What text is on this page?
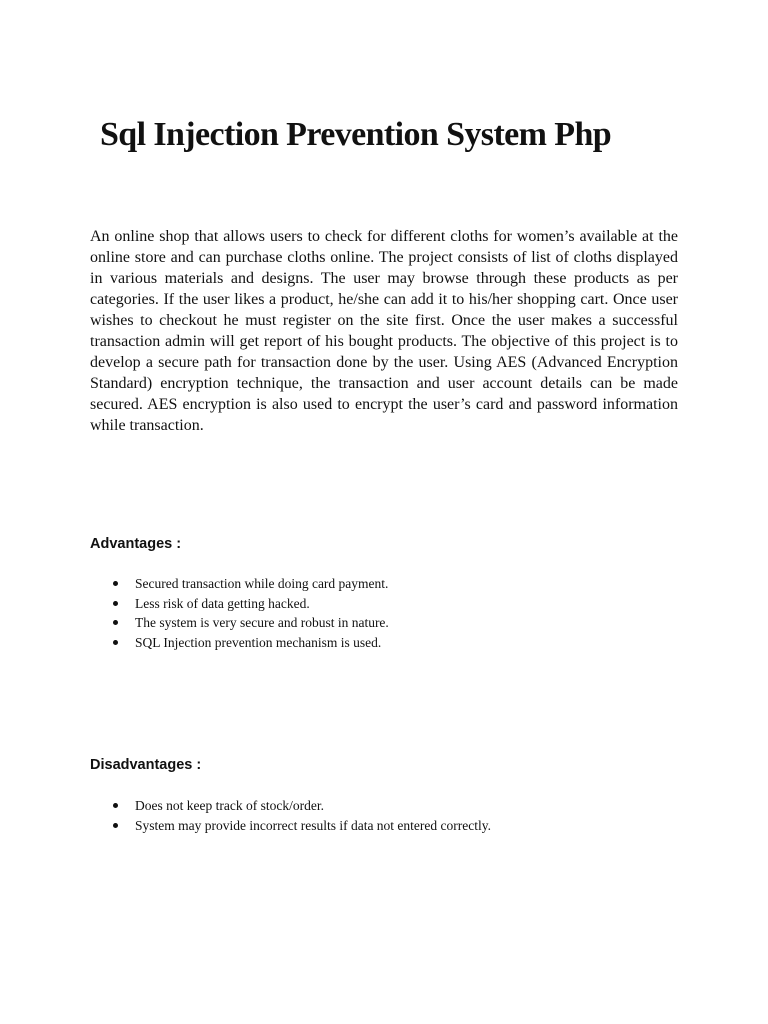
Sql Injection Prevention System Php

An online shop that allows users to check for different cloths for women’s available at the online store and can purchase cloths online. The project consists of list of cloths displayed in various materials and designs. The user may browse through these products as per categories. If the user likes a product, he/she can add it to his/her shopping cart. Once user wishes to checkout he must register on the site first. Once the user makes a successful transaction admin will get report of his bought products. The objective of this project is to develop a secure path for transaction done by the user. Using AES (Advanced Encryption Standard) encryption technique, the transaction and user account details can be made secured. AES encryption is also used to encrypt the user’s card and password information while transaction.

Advantages :
Secured transaction while doing card payment.
Less risk of data getting hacked.
The system is very secure and robust in nature.
SQL Injection prevention mechanism is used.
Disadvantages :
Does not keep track of stock/order.
System may provide incorrect results if data not entered correctly.
